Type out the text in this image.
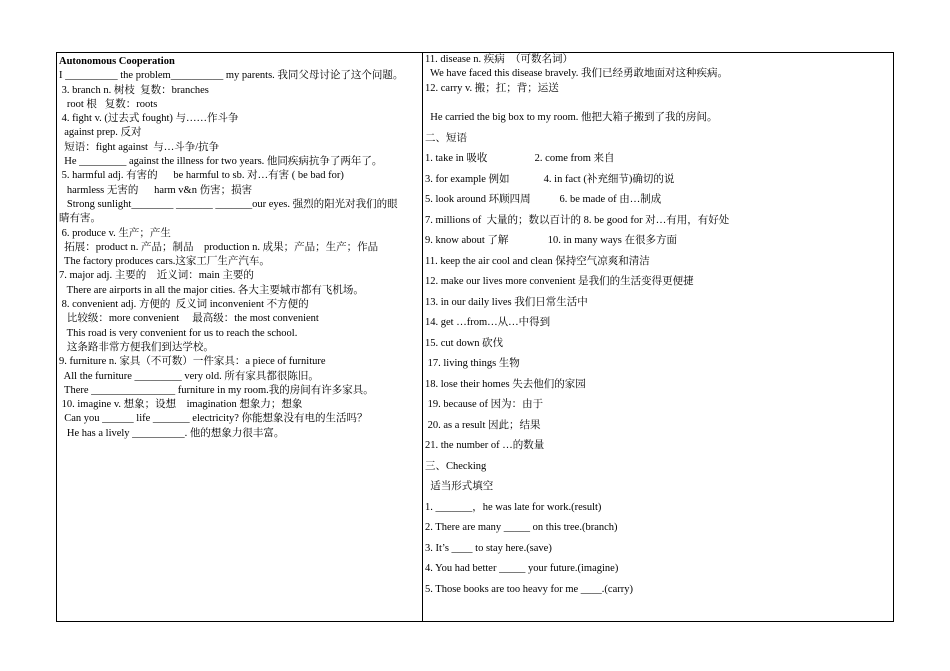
Autonomous Cooperation
I __________ the problem__________ my parents. 我同父母讨论了这个问题。
3. branch n. 树枝  复数：branches
root 根   复数：roots
4. fight v. (过去式 fought) 与……作斗争
against prep. 反对
短语：fight against  与…斗争/抗争
He _________ against the illness for two years. 他同疾病抗争了两年了。
5. harmful adj. 有害的      be harmful to sb. 对…有害 ( be bad for)
harmless 无害的      harm v&n 伤害；损害
Strong sunlight________ _______ _______our eyes. 强烈的阳光对我们的眼
睛有害。
6. produce v. 生产；产生
拓展：product n. 产品；制品    production n. 成果；产品；生产；作品
The factory produces cars.这家工厂生产汽车。
7. major adj. 主要的    近义词：main 主要的
There are airports in all the major cities. 各大主要城市都有飞机场。
8. convenient adj. 方便的  反义词 inconvenient 不方便的
比较级：more convenient     最高级：the most convenient
This road is very convenient for us to reach the school.
这条路非常方便我们到达学校。
9. furniture n. 家具（不可数）一件家具：a piece of furniture
All the furniture _________ very old. 所有家具都很陈旧。
There ________________ furniture in my room.我的房间有许多家具。
10. imagine v. 想象；设想    imagination 想象力；想象
Can you ______ life _______ electricity? 你能想象没有电的生活吗？
He has a lively __________. 他的想象力很丰富。
11. disease n. 疾病  （可数名词）
We have faced this disease bravely. 我们已经勇敢地面对这种疾病。
12. carry v. 搬；扛；背；运送
He carried the big box to my room. 他把大箱子搬到了我的房间。
二、短语
1. take in 吸收                  2. come from 来自
3. for example 例如             4. in fact (补充细节)确切的说
5. look around 环顾四周           6. be made of 由…制成
7. millions of  大量的；数以百计的 8. be good for 对…有用，有好处
9. know about 了解               10. in many ways 在很多方面
11. keep the air cool and clean 保持空气凉爽和清洁
12. make our lives more convenient 是我们的生活变得更便捷
13. in our daily lives 我们日常生活中
14. get …from…从…中得到
15. cut down 砍伐
17. living things 生物
18. lose their homes 失去他们的家园
19. because of 因为：由于
20. as a result 因此；结果
21. the number of …的数量
三、Checking
适当形式填空
1. _______，he was late for work.(result)
2. There are many _____ on this tree.(branch)
3. It’s ____ to stay here.(save)
4. You had better _____ your future.(imagine)
5. Those books are too heavy for me ____.(carry)
